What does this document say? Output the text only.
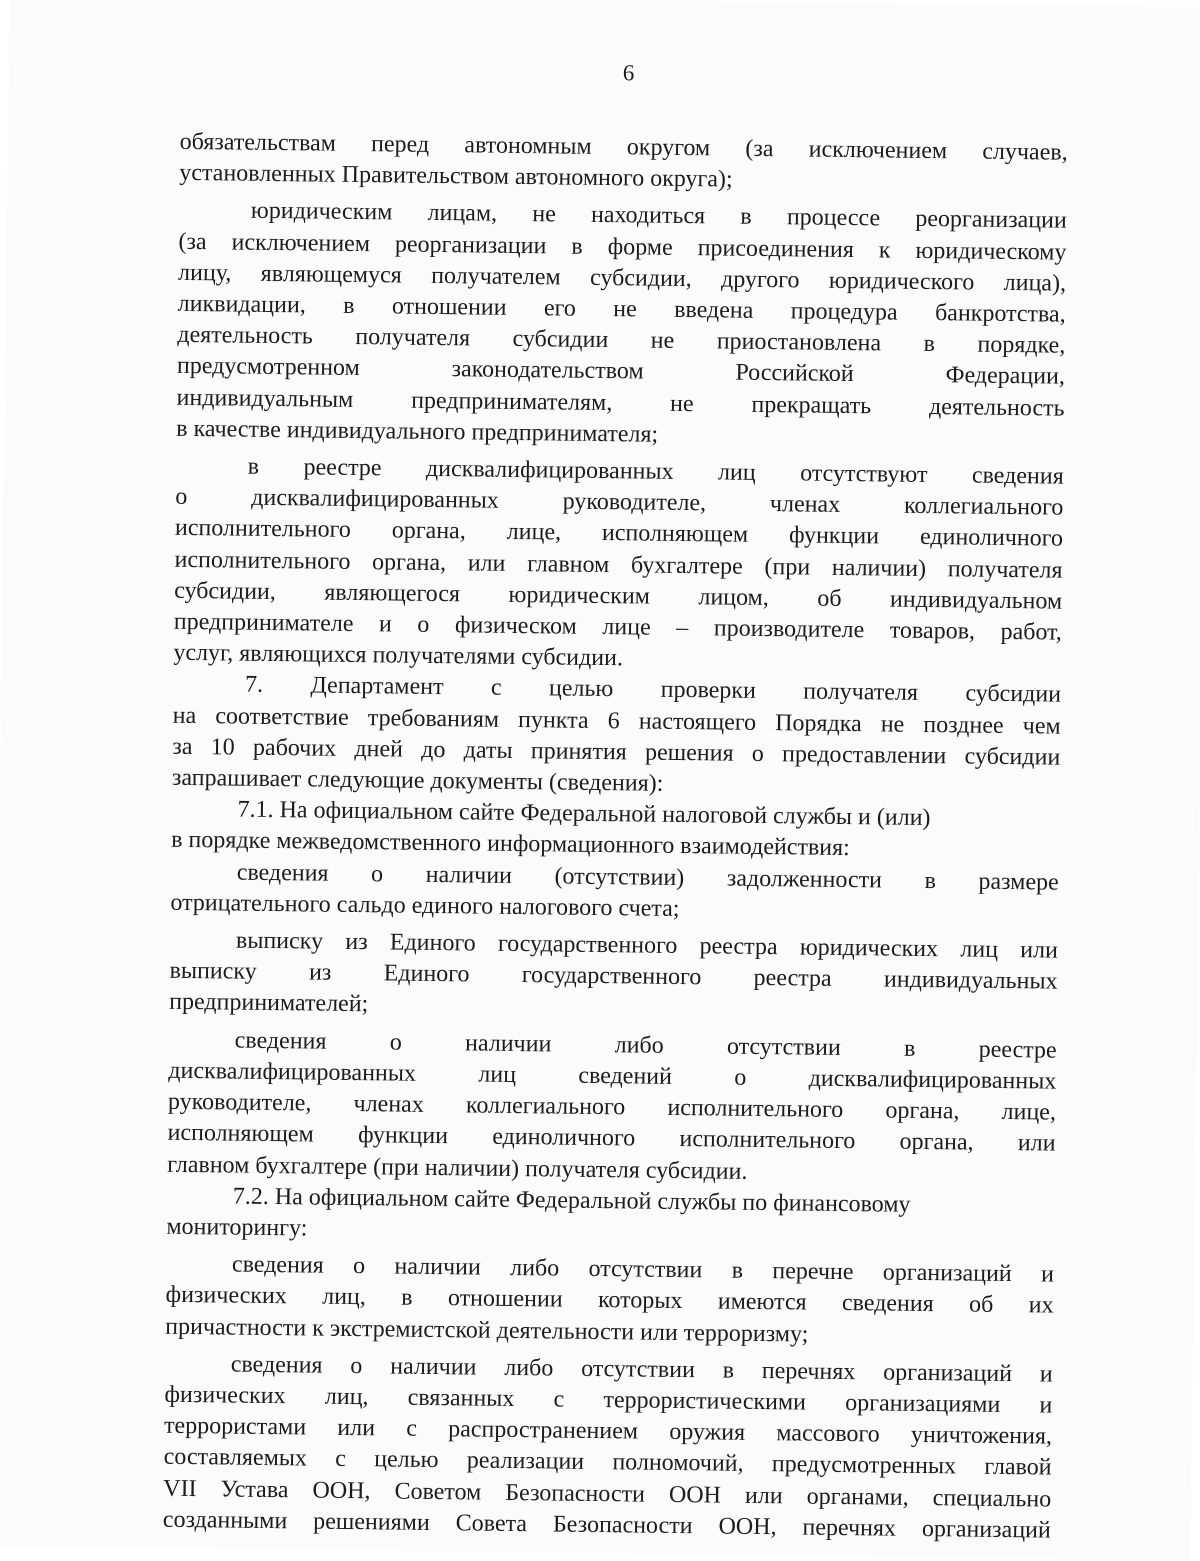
6

обязательствам перед автономным округом (за исключением случаев,
установленных Правительством автономного округа);

юридическим лицам, не находиться в процессе реорганизации
(за исключением реорганизации в форме присоединения к юридическому
лицу, являющемуся получателем субсидии, другого юридического лица),
ликвидации, в отношении его не введена процедура банкротства,
деятельность получателя субсидии не приостановлена в порядке,
предусмотренном законодательством Российской Федерации,
индивидуальным предпринимателям, не прекращать деятельность
в качестве индивидуального предпринимателя;

в реестре дисквалифицированных лиц отсутствуют сведения
о дисквалифицированных руководителе, членах коллегиального
исполнительного органа, лице, исполняющем функции единоличного
исполнительного органа, или главном бухгалтере (при наличии) получателя
субсидии, являющегося юридическим лицом, об индивидуальном
предпринимателе и о физическом лице – производителе товаров, работ,
услуг, являющихся получателями субсидии.

7. Департамент с целью проверки получателя субсидии
на соответствие требованиям пункта 6 настоящего Порядка не позднее чем
за 10 рабочих дней до даты принятия решения о предоставлении субсидии
запрашивает следующие документы (сведения):

7.1. На официальном сайте Федеральной налоговой службы и (или)
в порядке межведомственного информационного взаимодействия:

сведения о наличии (отсутствии) задолженности в размере
отрицательного сальдо единого налогового счета;

выписку из Единого государственного реестра юридических лиц или
выписку из Единого государственного реестра индивидуальных
предпринимателей;

сведения о наличии либо отсутствии в реестре
дисквалифицированных лиц сведений о дисквалифицированных
руководителе, членах коллегиального исполнительного органа, лице,
исполняющем функции единоличного исполнительного органа, или
главном бухгалтере (при наличии) получателя субсидии.

7.2. На официальном сайте Федеральной службы по финансовому
мониторингу:

сведения о наличии либо отсутствии в перечне организаций и
физических лиц, в отношении которых имеются сведения об их
причастности к экстремистской деятельности или терроризму;

сведения о наличии либо отсутствии в перечнях организаций и
физических лиц, связанных с террористическими организациями и
террористами или с распространением оружия массового уничтожения,
составляемых с целью реализации полномочий, предусмотренных главой
VII Устава ООН, Советом Безопасности ООН или органами, специально
созданными решениями Совета Безопасности ООН, перечнях организаций
